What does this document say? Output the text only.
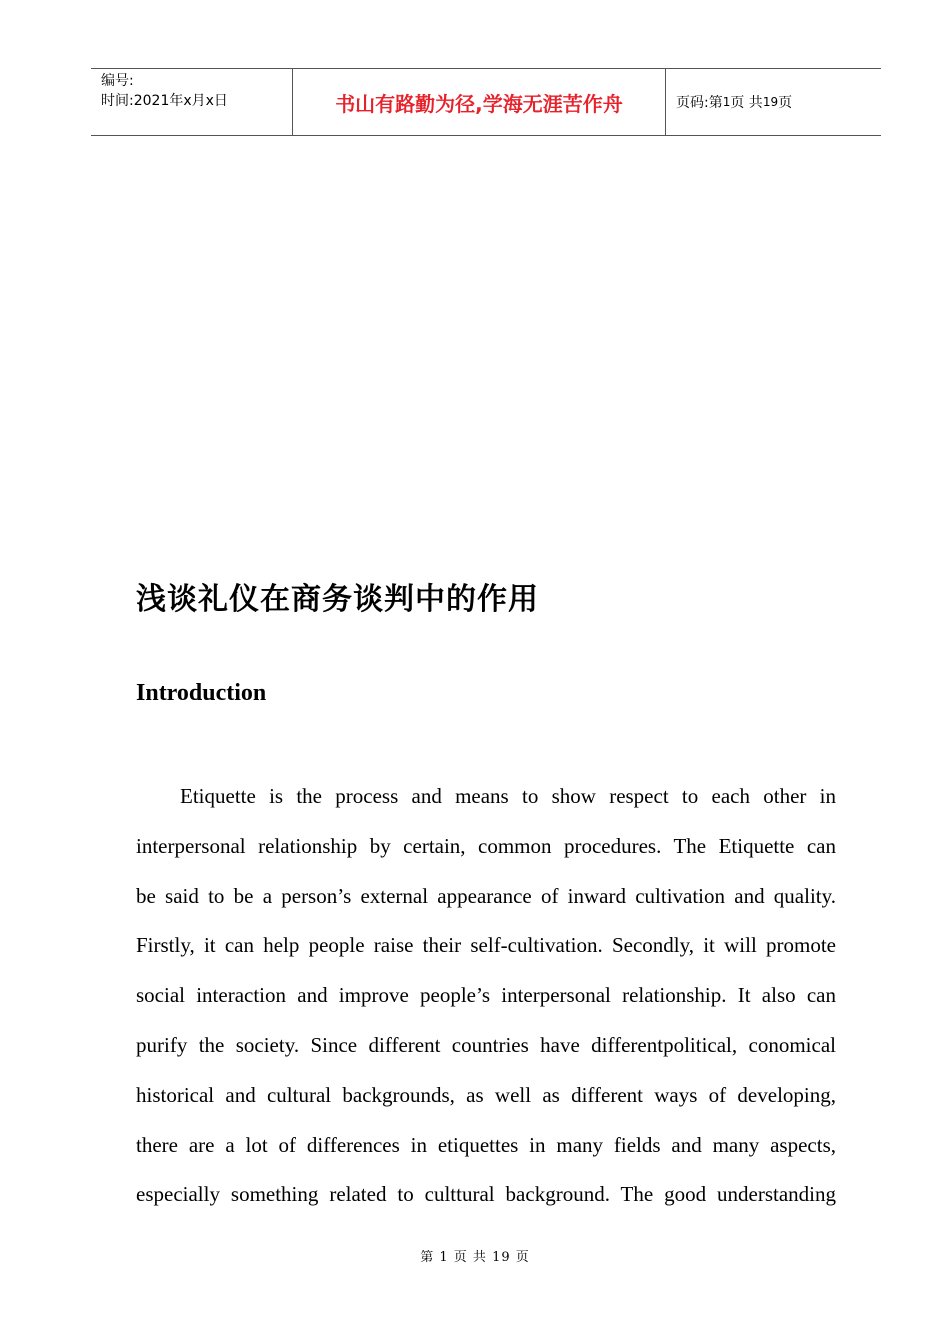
编号:
时间:2021年x月x日	书山有路勤为径,学海无涯苦作舟	页码:第 1 页 共 19 页
浅谈礼仪在商务谈判中的作用
Introduction
Etiquette is the process and means to show respect to each other in
interpersonal relationship by certain, common procedures. The Etiquette can
be said to be a person’s external appearance of inward cultivation and quality.
Firstly, it can help people raise their self-cultivation. Secondly, it will promote
social interaction and improve people’s interpersonal relationship. It also can
purify the society. Since different countries have differentpolitical, conomical
historical and cultural backgrounds, as well as different ways of developing,
there are a lot of differences in etiquettes in many fields and many aspects,
especially something related to culttural background. The good understanding
第 1 页 共 19 页
